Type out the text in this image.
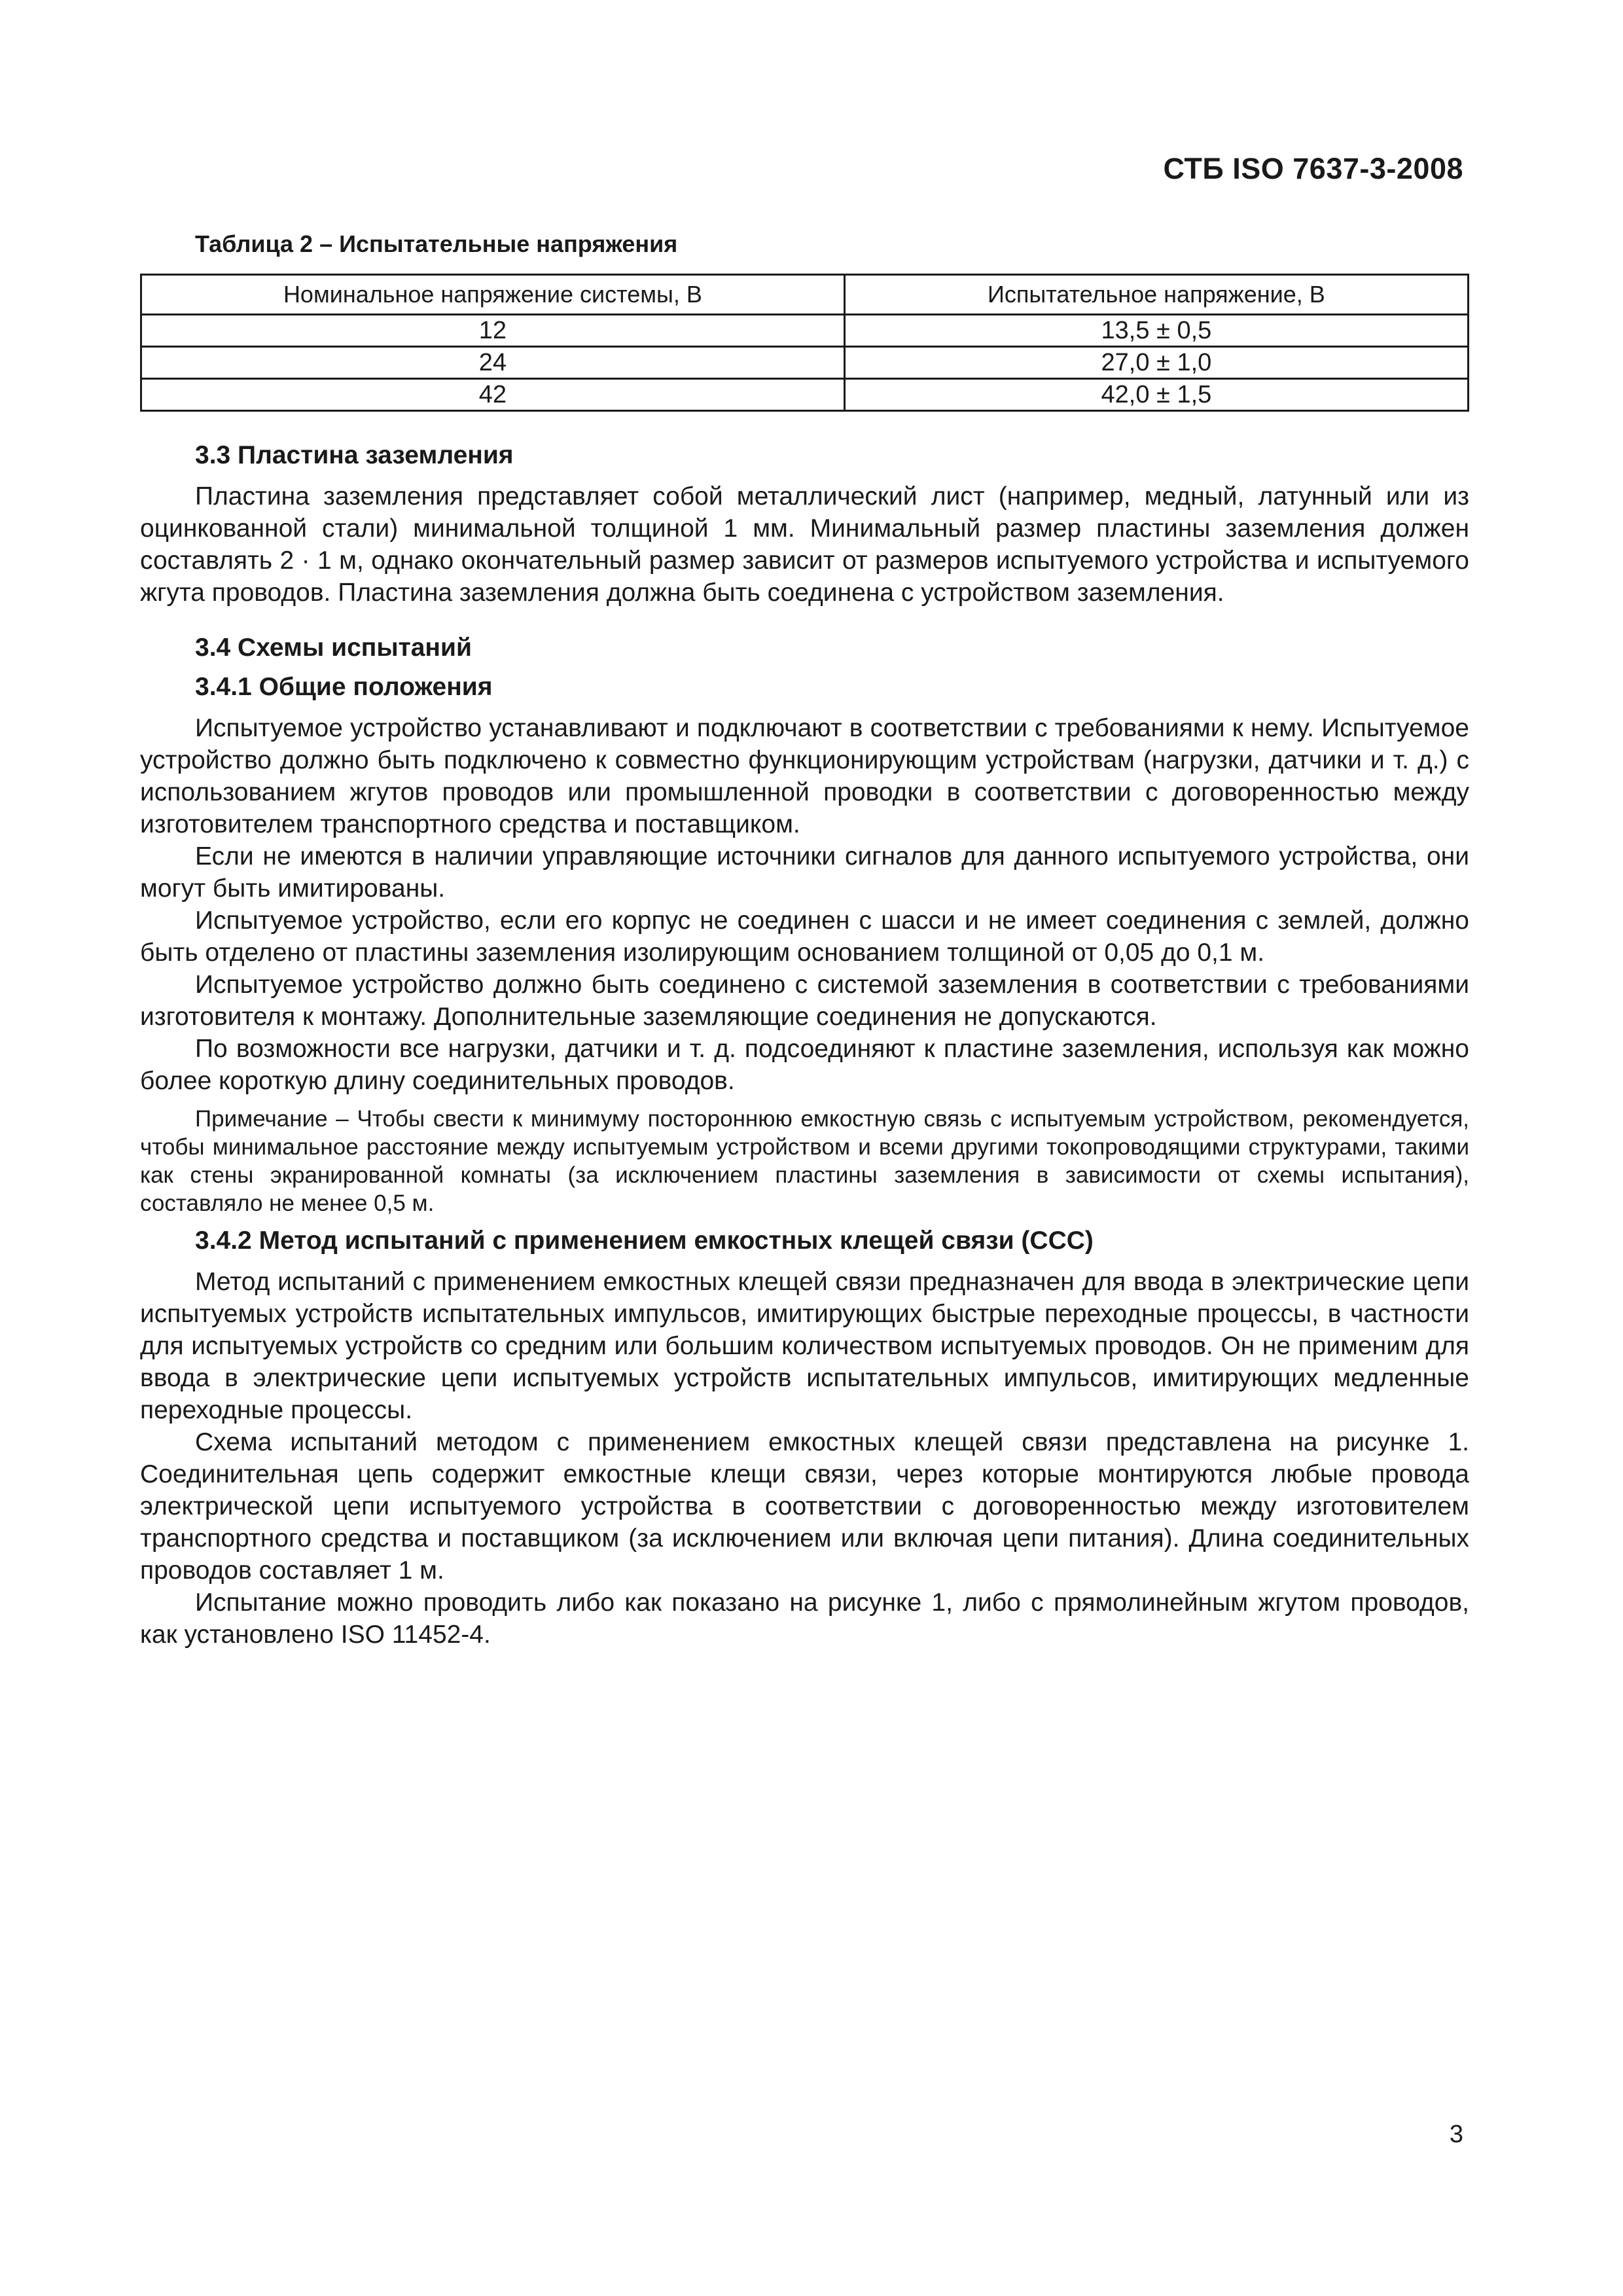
СТБ ISO 7637-3-2008
Таблица 2 – Испытательные напряжения
Номинальное напряжение системы, В	Испытательное напряжение, В
12	13,5 ± 0,5
24	27,0 ± 1,0
42	42,0 ± 1,5
3.3 Пластина заземления

Пластина заземления представляет собой металлический лист (например, медный, латунный или из оцинкованной стали) минимальной толщиной 1 мм. Минимальный размер пластины заземления должен составлять 2 · 1 м, однако окончательный размер зависит от размеров испытуемого устройства и испытуемого жгута проводов. Пластина заземления должна быть соединена с устройством заземления.

3.4 Схемы испытаний
3.4.1 Общие положения

Испытуемое устройство устанавливают и подключают в соответствии с требованиями к нему. Испытуемое устройство должно быть подключено к совместно функционирующим устройствам (нагрузки, датчики и т. д.) с использованием жгутов проводов или промышленной проводки в соответствии с договоренностью между изготовителем транспортного средства и поставщиком.

Если не имеются в наличии управляющие источники сигналов для данного испытуемого устройства, они могут быть имитированы.

Испытуемое устройство, если его корпус не соединен с шасси и не имеет соединения с землей, должно быть отделено от пластины заземления изолирующим основанием толщиной от 0,05 до 0,1 м.

Испытуемое устройство должно быть соединено с системой заземления в соответствии с требованиями изготовителя к монтажу. Дополнительные заземляющие соединения не допускаются.

По возможности все нагрузки, датчики и т. д. подсоединяют к пластине заземления, используя как можно более короткую длину соединительных проводов.

Примечание – Чтобы свести к минимуму постороннюю емкостную связь с испытуемым устройством, рекомендуется, чтобы минимальное расстояние между испытуемым устройством и всеми другими токопроводящими структурами, такими как стены экранированной комнаты (за исключением пластины заземления в зависимости от схемы испытания), составляло не менее 0,5 м.

3.4.2 Метод испытаний с применением емкостных клещей связи (CCC)

Метод испытаний с применением емкостных клещей связи предназначен для ввода в электрические цепи испытуемых устройств испытательных импульсов, имитирующих быстрые переходные процессы, в частности для испытуемых устройств со средним или большим количеством испытуемых проводов. Он не применим для ввода в электрические цепи испытуемых устройств испытательных импульсов, имитирующих медленные переходные процессы.

Схема испытаний методом с применением емкостных клещей связи представлена на рисунке 1. Соединительная цепь содержит емкостные клещи связи, через которые монтируются любые провода электрической цепи испытуемого устройства в соответствии с договоренностью между изготовителем транспортного средства и поставщиком (за исключением или включая цепи питания). Длина соединительных проводов составляет 1 м.

Испытание можно проводить либо как показано на рисунке 1, либо с прямолинейным жгутом проводов, как установлено ISO 11452-4.

3
